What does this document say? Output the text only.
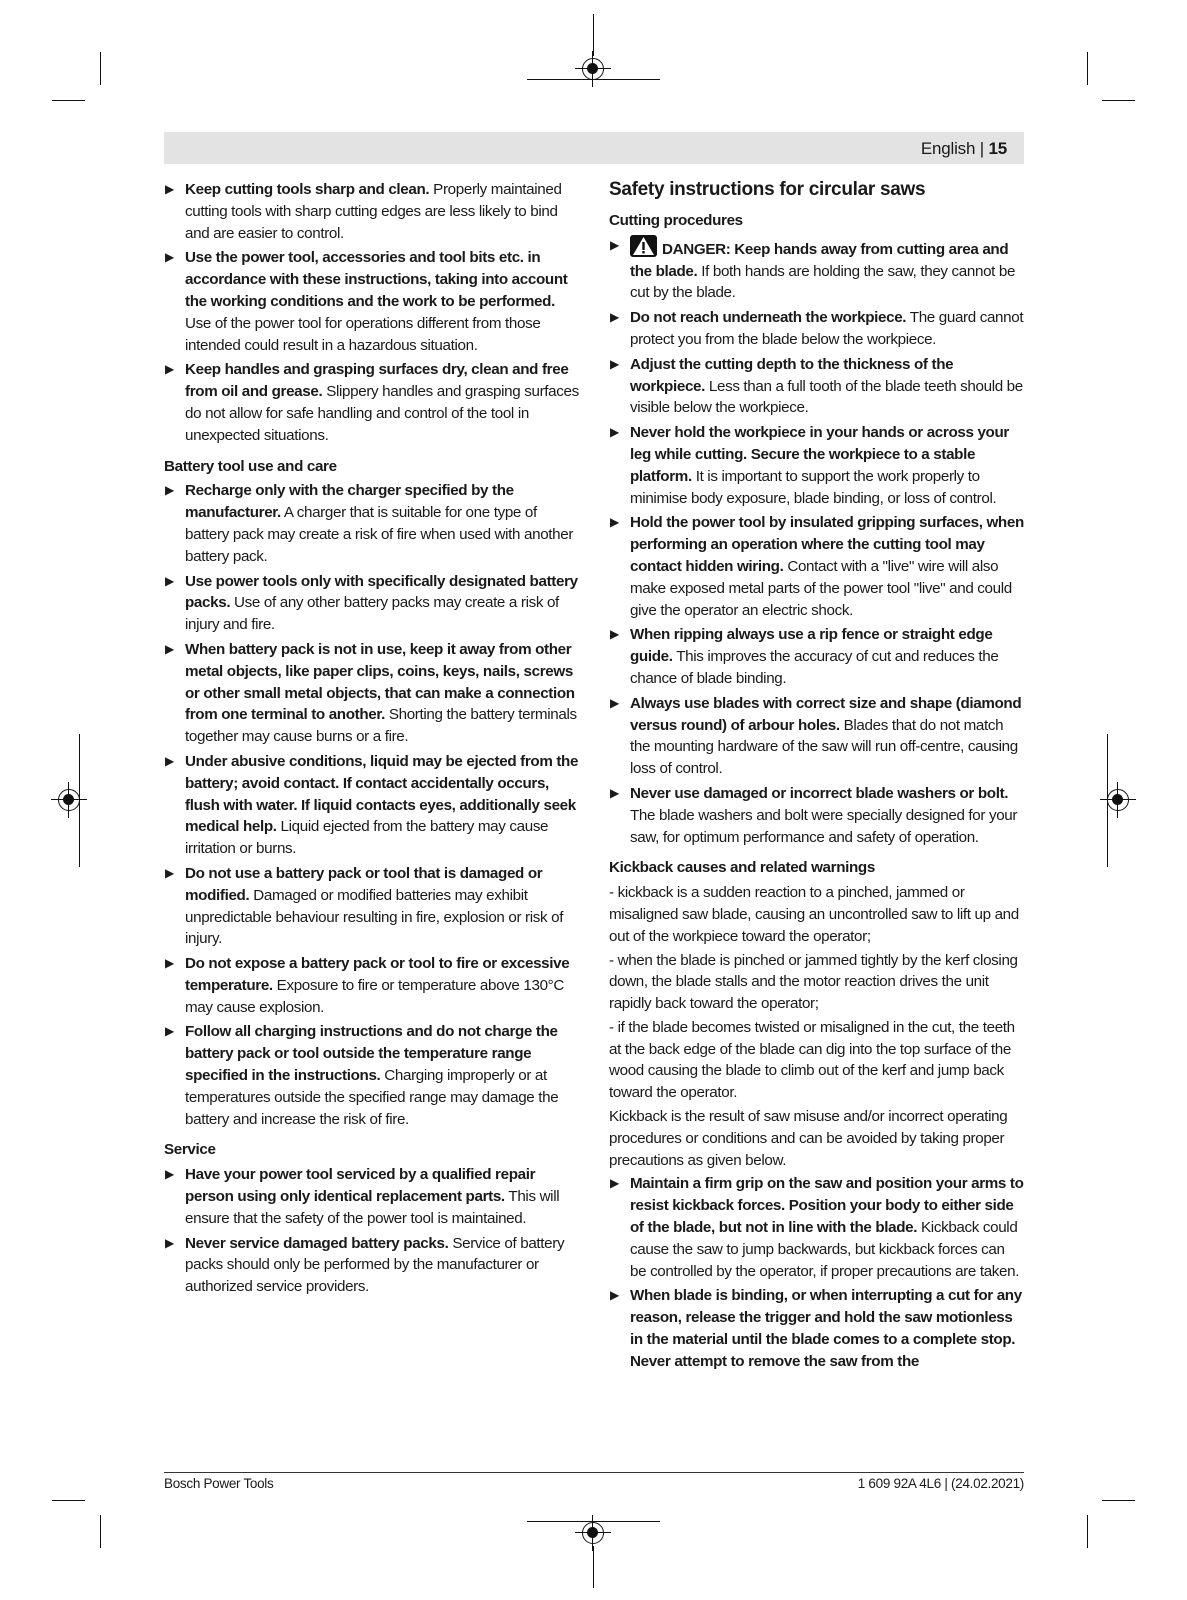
English | 15
▶ Keep cutting tools sharp and clean. Properly maintained cutting tools with sharp cutting edges are less likely to bind and are easier to control.
▶ Use the power tool, accessories and tool bits etc. in accordance with these instructions, taking into account the working conditions and the work to be performed. Use of the power tool for operations different from those intended could result in a hazardous situation.
▶ Keep handles and grasping surfaces dry, clean and free from oil and grease. Slippery handles and grasping surfaces do not allow for safe handling and control of the tool in unexpected situations.
Battery tool use and care
▶ Recharge only with the charger specified by the manufacturer. A charger that is suitable for one type of battery pack may create a risk of fire when used with another battery pack.
▶ Use power tools only with specifically designated battery packs. Use of any other battery packs may create a risk of injury and fire.
▶ When battery pack is not in use, keep it away from other metal objects, like paper clips, coins, keys, nails, screws or other small metal objects, that can make a connection from one terminal to another. Shorting the battery terminals together may cause burns or a fire.
▶ Under abusive conditions, liquid may be ejected from the battery; avoid contact. If contact accidentally occurs, flush with water. If liquid contacts eyes, additionally seek medical help. Liquid ejected from the battery may cause irritation or burns.
▶ Do not use a battery pack or tool that is damaged or modified. Damaged or modified batteries may exhibit unpredictable behaviour resulting in fire, explosion or risk of injury.
▶ Do not expose a battery pack or tool to fire or excessive temperature. Exposure to fire or temperature above 130°C may cause explosion.
▶ Follow all charging instructions and do not charge the battery pack or tool outside the temperature range specified in the instructions. Charging improperly or at temperatures outside the specified range may damage the battery and increase the risk of fire.
Service
▶ Have your power tool serviced by a qualified repair person using only identical replacement parts. This will ensure that the safety of the power tool is maintained.
▶ Never service damaged battery packs. Service of battery packs should only be performed by the manufacturer or authorized service providers.
Safety instructions for circular saws
Cutting procedures
▶	DANGER: Keep hands away from cutting area and the blade. If both hands are holding the saw, they cannot be cut by the blade.
▶ Do not reach underneath the workpiece. The guard cannot protect you from the blade below the workpiece.
▶ Adjust the cutting depth to the thickness of the workpiece. Less than a full tooth of the blade teeth should be visible below the workpiece.
▶ Never hold the workpiece in your hands or across your leg while cutting. Secure the workpiece to a stable platform. It is important to support the work properly to minimise body exposure, blade binding, or loss of control.
▶ Hold the power tool by insulated gripping surfaces, when performing an operation where the cutting tool may contact hidden wiring. Contact with a "live" wire will also make exposed metal parts of the power tool "live" and could give the operator an electric shock.
▶ When ripping always use a rip fence or straight edge guide. This improves the accuracy of cut and reduces the chance of blade binding.
▶ Always use blades with correct size and shape (diamond versus round) of arbour holes. Blades that do not match the mounting hardware of the saw will run off-centre, causing loss of control.
▶ Never use damaged or incorrect blade washers or bolt. The blade washers and bolt were specially designed for your saw, for optimum performance and safety of operation.
Kickback causes and related warnings
- kickback is a sudden reaction to a pinched, jammed or misaligned saw blade, causing an uncontrolled saw to lift up and out of the workpiece toward the operator;
- when the blade is pinched or jammed tightly by the kerf closing down, the blade stalls and the motor reaction drives the unit rapidly back toward the operator;
- if the blade becomes twisted or misaligned in the cut, the teeth at the back edge of the blade can dig into the top surface of the wood causing the blade to climb out of the kerf and jump back toward the operator.
Kickback is the result of saw misuse and/or incorrect operating procedures or conditions and can be avoided by taking proper precautions as given below.
▶ Maintain a firm grip on the saw and position your arms to resist kickback forces. Position your body to either side of the blade, but not in line with the blade. Kickback could cause the saw to jump backwards, but kickback forces can be controlled by the operator, if proper precautions are taken.
▶ When blade is binding, or when interrupting a cut for any reason, release the trigger and hold the saw motionless in the material until the blade comes to a complete stop. Never attempt to remove the saw from the
Bosch Power Tools	1 609 92A 4L6 | (24.02.2021)
